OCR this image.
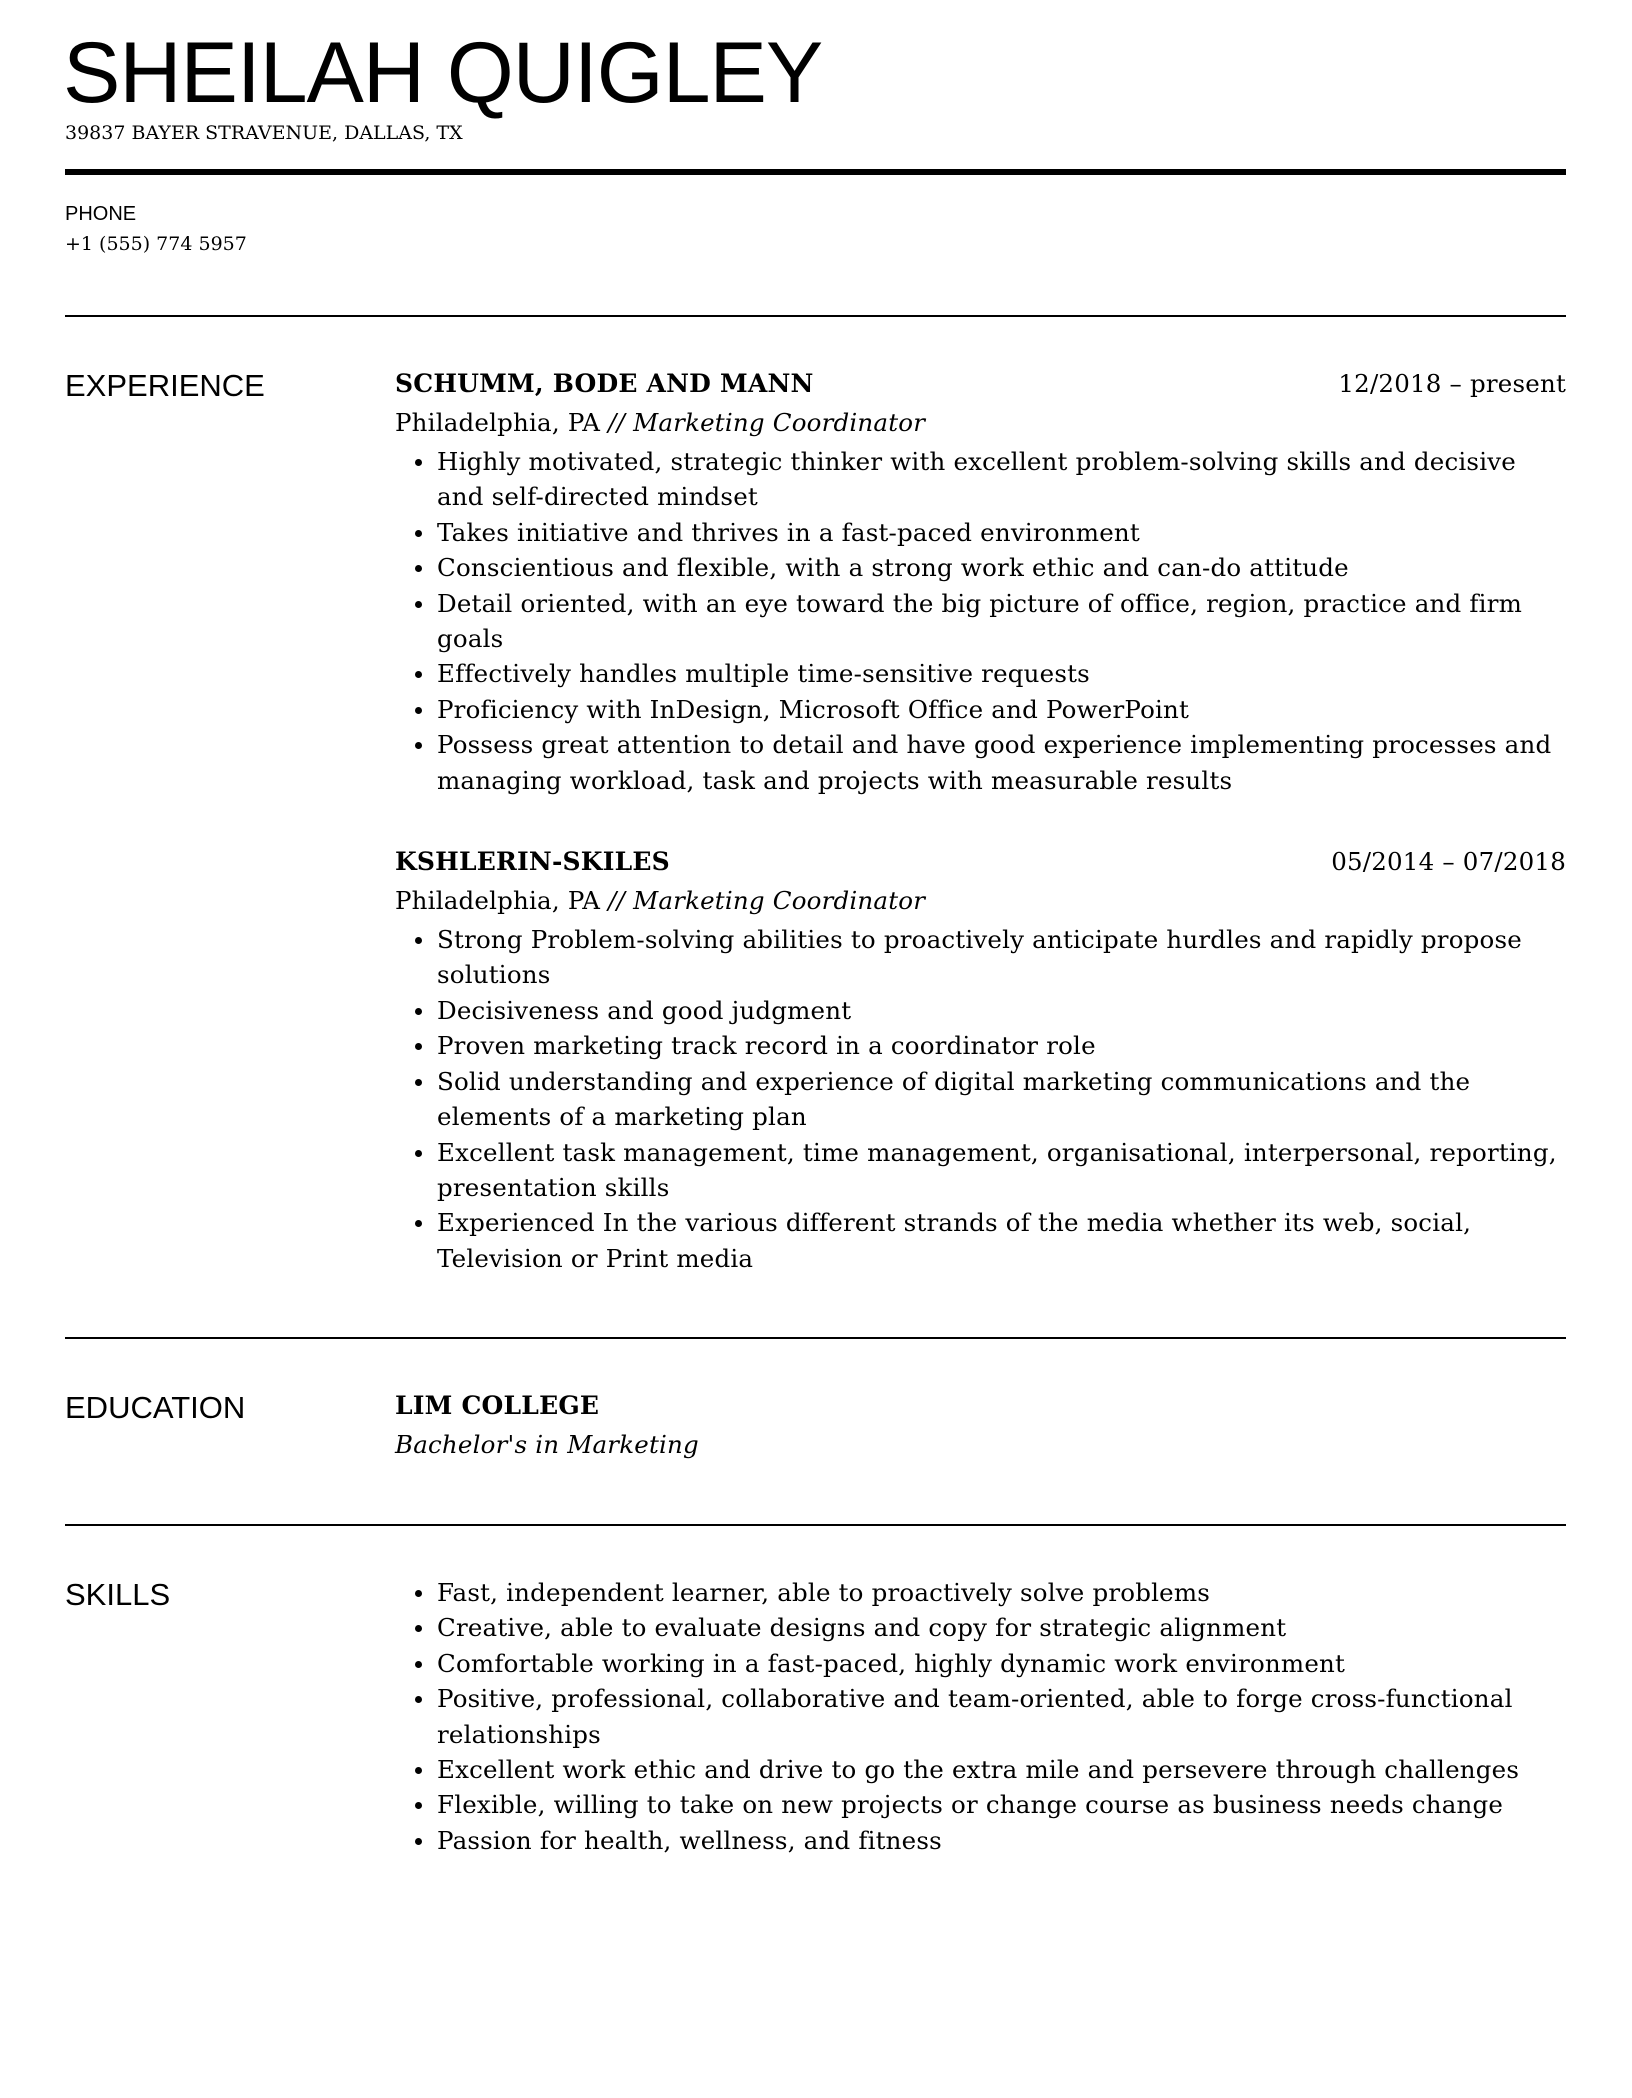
SHEILAH QUIGLEY
39837 BAYER STRAVENUE, DALLAS, TX
PHONE
+1 (555) 774 5957
EXPERIENCE	SCHUMM, BODE AND MANN	12/2018 – present
Philadelphia, PA // Marketing Coordinator
Highly motivated, strategic thinker with excellent problem-solving skills and decisive and self-directed mindset
Takes initiative and thrives in a fast-paced environment
Conscientious and flexible, with a strong work ethic and can-do attitude
Detail oriented, with an eye toward the big picture of office, region, practice and firm goals
Effectively handles multiple time-sensitive requests
Proficiency with InDesign, Microsoft Office and PowerPoint
Possess great attention to detail and have good experience implementing processes and managing workload, task and projects with measurable results
KSHLERIN-SKILES	05/2014 – 07/2018
Philadelphia, PA // Marketing Coordinator
Strong Problem-solving abilities to proactively anticipate hurdles and rapidly propose solutions
Decisiveness and good judgment
Proven marketing track record in a coordinator role
Solid understanding and experience of digital marketing communications and the elements of a marketing plan
Excellent task management, time management, organisational, interpersonal, reporting, presentation skills
Experienced In the various different strands of the media whether its web, social, Television or Print media
EDUCATION	LIM COLLEGE
Bachelor's in Marketing
SKILLS	Fast, independent learner, able to proactively solve problems
Creative, able to evaluate designs and copy for strategic alignment
Comfortable working in a fast-paced, highly dynamic work environment
Positive, professional, collaborative and team-oriented, able to forge cross-functional relationships
Excellent work ethic and drive to go the extra mile and persevere through challenges
Flexible, willing to take on new projects or change course as business needs change
Passion for health, wellness, and fitness
